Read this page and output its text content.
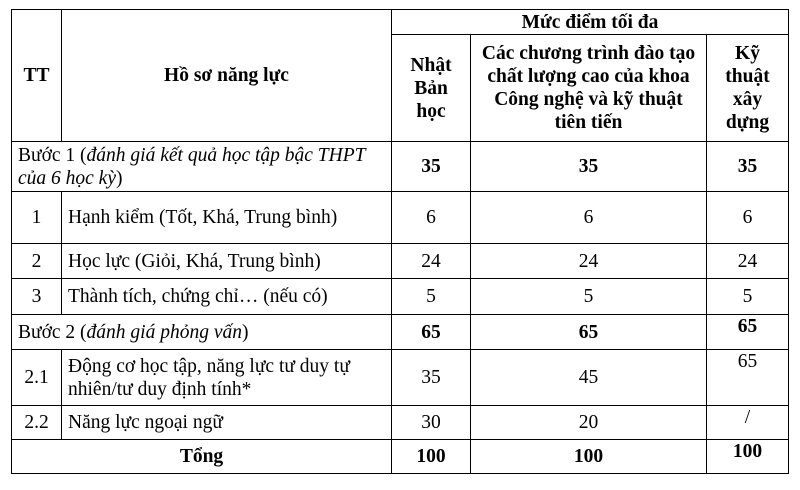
TT	Hồ sơ năng lực	Mức điểm tối đa		
		Nhật Bản học	Các chương trình đào tạo chất lượng cao của khoa Công nghệ và kỹ thuật tiên tiến	Kỹ thuật xây dựng
Bước 1 (đánh giá kết quả học tập bậc THPT của 6 học kỳ)		35	35	35
1	Hạnh kiểm (Tốt, Khá, Trung bình)	6	6	6
2	Học lực (Giỏi, Khá, Trung bình)	24	24	24
3	Thành tích, chứng chỉ… (nếu có)	5	5	5
Bước 2 (đánh giá phỏng vấn)		65	65	65
2.1	Động cơ học tập, năng lực tư duy tự nhiên/tư duy định tính*	35	45	65
2.2	Năng lực ngoại ngữ	30	20	/
Tổng		100	100	100
